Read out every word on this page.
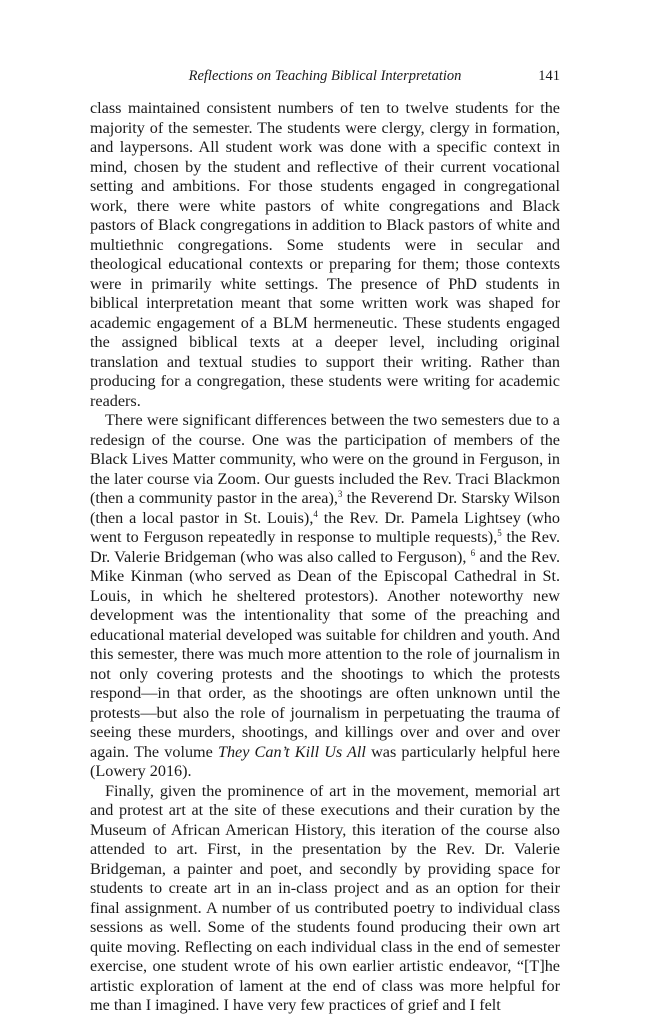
Reflections on Teaching Biblical Interpretation	141

class maintained consistent numbers of ten to twelve students for the majority of the semester. The students were clergy, clergy in formation, and laypersons. All student work was done with a specific context in mind, chosen by the student and reflective of their current vocational setting and ambitions. For those students engaged in congregational work, there were white pastors of white congregations and Black pastors of Black congregations in addition to Black pastors of white and multiethnic congregations. Some students were in secular and theological educational contexts or preparing for them; those contexts were in primarily white settings. The presence of PhD students in biblical interpretation meant that some written work was shaped for academic engagement of a BLM hermeneutic. These students engaged the assigned biblical texts at a deeper level, including original translation and textual studies to support their writing. Rather than producing for a congregation, these students were writing for academic readers.

There were significant differences between the two semesters due to a redesign of the course. One was the participation of members of the Black Lives Matter community, who were on the ground in Ferguson, in the later course via Zoom. Our guests included the Rev. Traci Blackmon (then a community pastor in the area),$^3$ the Reverend Dr. Starsky Wilson (then a local pastor in St. Louis),$^4$ the Rev. Dr. Pamela Lightsey (who went to Ferguson repeatedly in response to multiple requests),$^5$ the Rev. Dr. Valerie Bridgeman (who was also called to Ferguson), $^6$ and the Rev. Mike Kinman (who served as Dean of the Episcopal Cathedral in St. Louis, in which he sheltered protestors). Another noteworthy new development was the intentionality that some of the preaching and educational material developed was suitable for children and youth. And this semester, there was much more attention to the role of journalism in not only covering protests and the shootings to which the protests respond—in that order, as the shootings are often unknown until the protests—but also the role of journalism in perpetuating the trauma of seeing these murders, shootings, and killings over and over and over again. The volume They Can’t Kill Us All was particularly helpful here (Lowery 2016).

Finally, given the prominence of art in the movement, memorial art and protest art at the site of these executions and their curation by the Museum of African American History, this iteration of the course also attended to art. First, in the presentation by the Rev. Dr. Valerie Bridgeman, a painter and poet, and secondly by providing space for students to create art in an in-class project and as an option for their final assignment. A number of us contributed poetry to individual class sessions as well. Some of the students found producing their own art quite moving. Reflecting on each individual class in the end of semester exercise, one student wrote of his own earlier artistic endeavor, “[T]he artistic exploration of lament at the end of class was more helpful for me than I imagined. I have very few practices of grief and I felt
